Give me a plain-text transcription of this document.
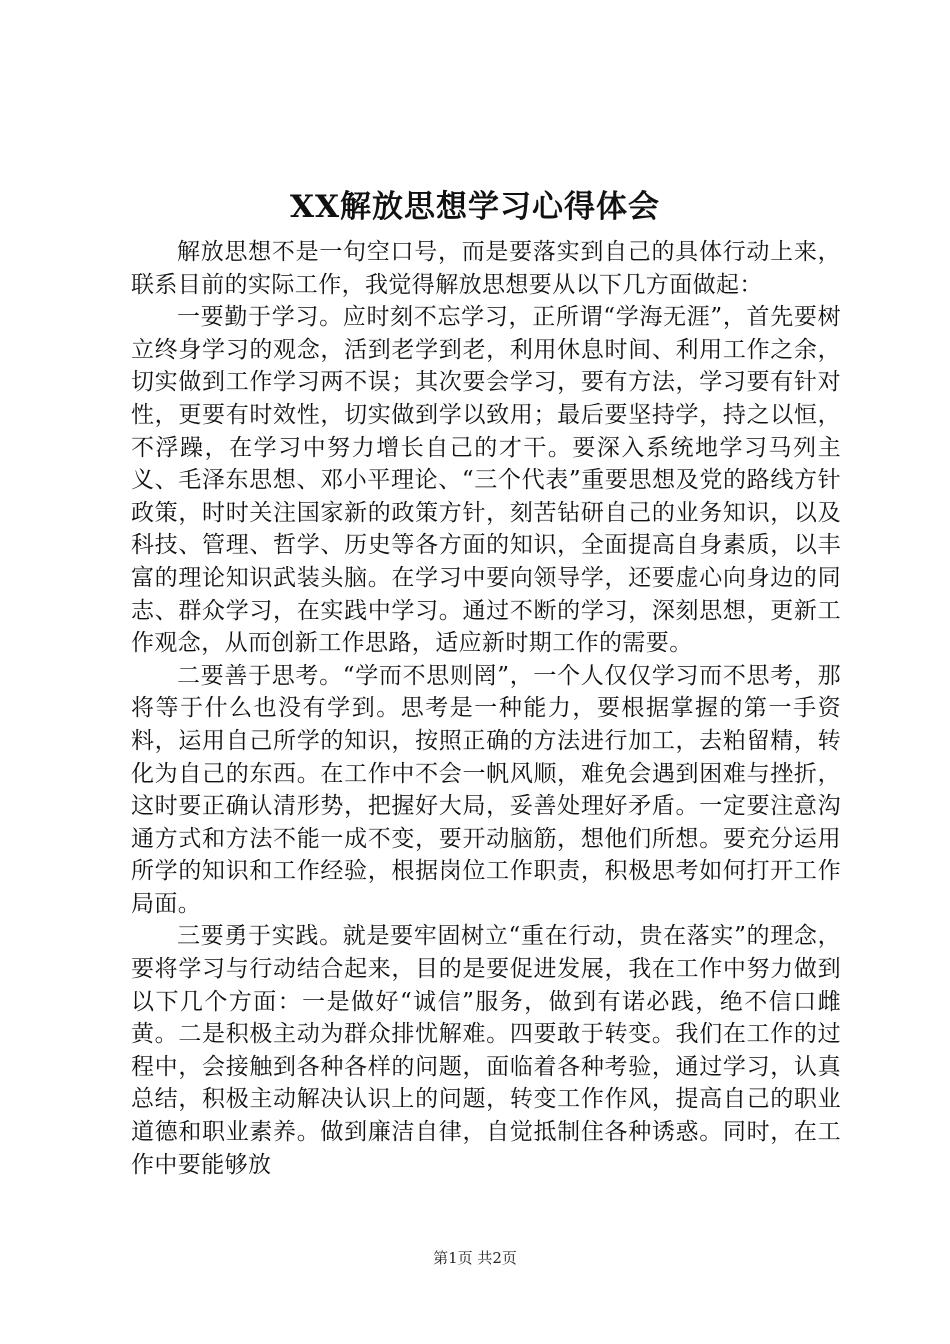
XX解放思想学习心得体会

解放思想不是一句空口号，而是要落实到自己的具体行动上来，联系目前的实际工作，我觉得解放思想要从以下几方面做起：

一要勤于学习。应时刻不忘学习，正所谓“学海无涯”，首先要树立终身学习的观念，活到老学到老，利用休息时间、利用工作之余，切实做到工作学习两不误；其次要会学习，要有方法，学习要有针对性，更要有时效性，切实做到学以致用；最后要坚持学，持之以恒，不浮躁，在学习中努力增长自己的才干。要深入系统地学习马列主义、毛泽东思想、邓小平理论、“三个代表”重要思想及党的路线方针政策，时时关注国家新的政策方针，刻苦钻研自己的业务知识，以及科技、管理、哲学、历史等各方面的知识，全面提高自身素质，以丰富的理论知识武装头脑。在学习中要向领导学，还要虚心向身边的同志、群众学习，在实践中学习。通过不断的学习，深刻思想，更新工作观念，从而创新工作思路，适应新时期工作的需要。

二要善于思考。“学而不思则罔”，一个人仅仅学习而不思考，那将等于什么也没有学到。思考是一种能力，要根据掌握的第一手资料，运用自己所学的知识，按照正确的方法进行加工，去粕留精，转化为自己的东西。在工作中不会一帆风顺，难免会遇到困难与挫折，这时要正确认清形势，把握好大局，妥善处理好矛盾。一定要注意沟通方式和方法不能一成不变，要开动脑筋，想他们所想。要充分运用所学的知识和工作经验，根据岗位工作职责，积极思考如何打开工作局面。

三要勇于实践。就是要牢固树立“重在行动，贵在落实”的理念，要将学习与行动结合起来，目的是要促进发展，我在工作中努力做到以下几个方面：一是做好“诚信”服务，做到有诺必践，绝不信口雌黄。二是积极主动为群众排忧解难。四要敢于转变。我们在工作的过程中，会接触到各种各样的问题，面临着各种考验，通过学习，认真总结，积极主动解决认识上的问题，转变工作作风，提高自己的职业道德和职业素养。做到廉洁自律，自觉抵制住各种诱惑。同时，在工作中要能够放

第1页 共2页
